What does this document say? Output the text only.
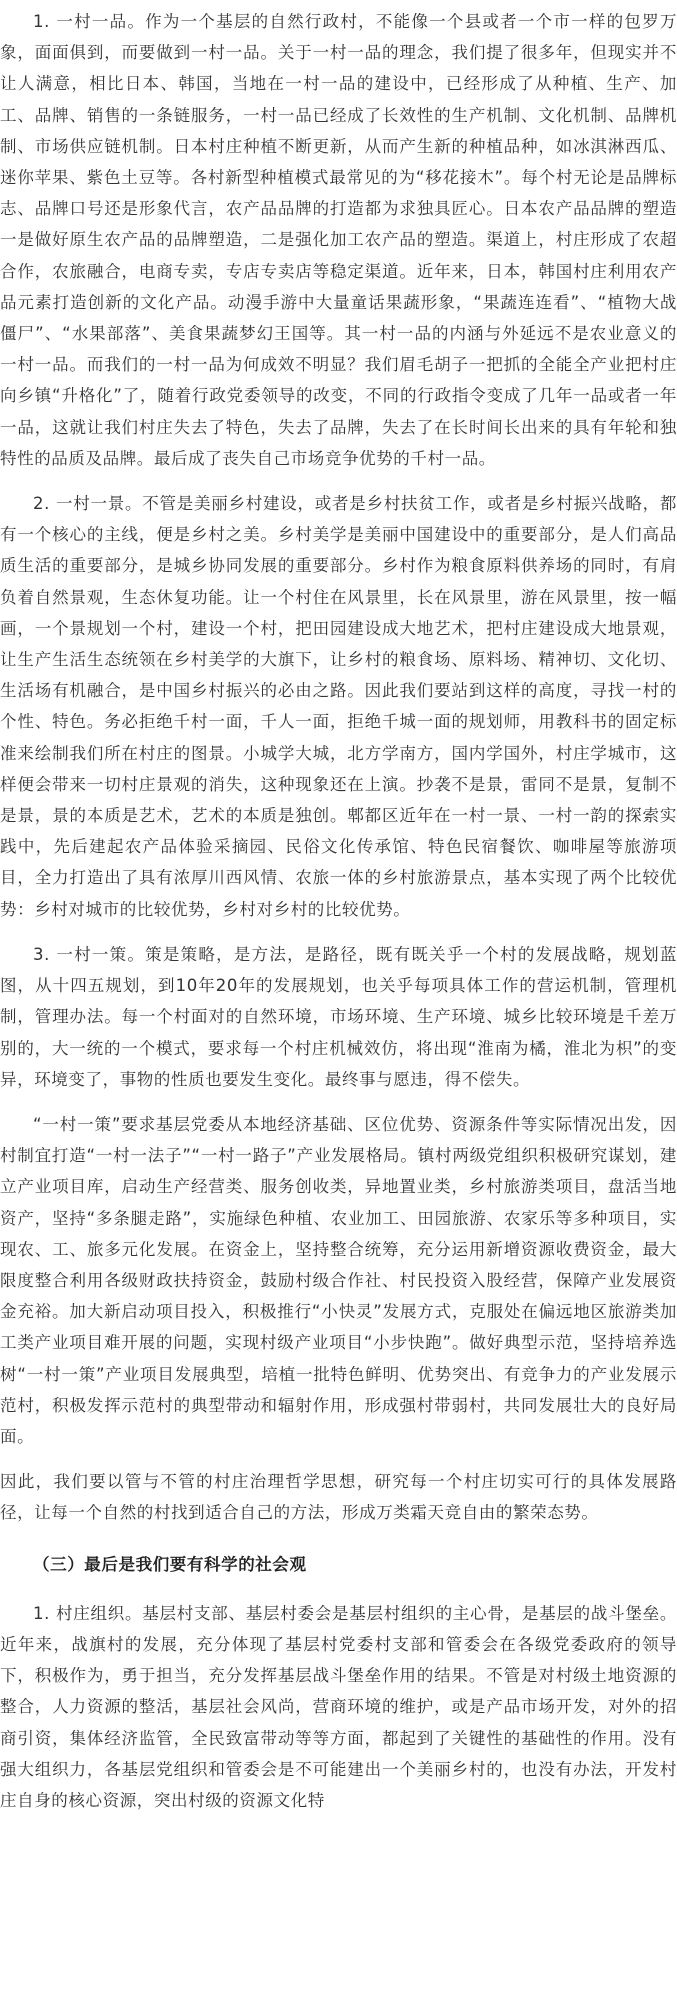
1. 一村一品。作为一个基层的自然行政村，不能像一个县或者一个市一样的包罗万象，面面俱到，而要做到一村一品。关于一村一品的理念，我们提了很多年，但现实并不让人满意，相比日本、韩国，当地在一村一品的建设中，已经形成了从种植、生产、加工、品牌、销售的一条链服务，一村一品已经成了长效性的生产机制、文化机制、品牌机制、市场供应链机制。日本村庄种植不断更新，从而产生新的种植品种，如冰淇淋西瓜、迷你苹果、紫色土豆等。各村新型种植模式最常见的为“移花接木”。每个村无论是品牌标志、品牌口号还是形象代言，农产品品牌的打造都为求独具匠心。日本农产品品牌的塑造一是做好原生农产品的品牌塑造，二是强化加工农产品的塑造。渠道上，村庄形成了农超合作，农旅融合，电商专卖，专店专卖店等稳定渠道。近年来，日本，韩国村庄利用农产品元素打造创新的文化产品。动漫手游中大量童话果蔬形象，“果蔬连连看”、“植物大战僵尸”、“水果部落”、美食果蔬梦幻王国等。其一村一品的内涵与外延远不是农业意义的一村一品。而我们的一村一品为何成效不明显？我们眉毛胡子一把抓的全能全产业把村庄向乡镇“升格化”了，随着行政党委领导的改变，不同的行政指令变成了几年一品或者一年一品，这就让我们村庄失去了特色，失去了品牌，失去了在长时间长出来的具有年轮和独特性的品质及品牌。最后成了丧失自己市场竞争优势的千村一品。

2. 一村一景。不管是美丽乡村建设，或者是乡村扶贫工作，或者是乡村振兴战略，都有一个核心的主线，便是乡村之美。乡村美学是美丽中国建设中的重要部分，是人们高品质生活的重要部分，是城乡协同发展的重要部分。乡村作为粮食原料供养场的同时，有肩负着自然景观，生态休复功能。让一个村住在风景里，长在风景里，游在风景里，按一幅画，一个景规划一个村，建设一个村，把田园建设成大地艺术，把村庄建设成大地景观，让生产生活生态统领在乡村美学的大旗下，让乡村的粮食场、原料场、精神切、文化切、生活场有机融合，是中国乡村振兴的必由之路。因此我们要站到这样的高度，寻找一村的个性、特色。务必拒绝千村一面，千人一面，拒绝千城一面的规划师，用教科书的固定标准来绘制我们所在村庄的图景。小城学大城，北方学南方，国内学国外，村庄学城市，这样便会带来一切村庄景观的消失，这种现象还在上演。抄袭不是景，雷同不是景，复制不是景，景的本质是艺术，艺术的本质是独创。郫都区近年在一村一景、一村一韵的探索实践中，先后建起农产品体验采摘园、民俗文化传承馆、特色民宿餐饮、咖啡屋等旅游项目，全力打造出了具有浓厚川西风情、农旅一体的乡村旅游景点，基本实现了两个比较优势：乡村对城市的比较优势，乡村对乡村的比较优势。

3. 一村一策。策是策略，是方法，是路径，既有既关乎一个村的发展战略，规划蓝图，从十四五规划，到10年20年的发展规划，也关乎每项具体工作的营运机制，管理机制，管理办法。每一个村面对的自然环境，市场环境、生产环境、城乡比较环境是千差万别的，大一统的一个模式，要求每一个村庄机械效仿，将出现“淮南为橘，淮北为枳”的变异，环境变了，事物的性质也要发生变化。最终事与愿违，得不偿失。

“一村一策”要求基层党委从本地经济基础、区位优势、资源条件等实际情况出发，因村制宜打造“一村一法子”“一村一路子”产业发展格局。镇村两级党组织积极研究谋划，建立产业项目库，启动生产经营类、服务创收类，异地置业类，乡村旅游类项目，盘活当地资产，坚持“多条腿走路”，实施绿色种植、农业加工、田园旅游、农家乐等多种项目，实现农、工、旅多元化发展。在资金上，坚持整合统筹，充分运用新增资源收费资金，最大限度整合利用各级财政扶持资金，鼓励村级合作社、村民投资入股经营，保障产业发展资金充裕。加大新启动项目投入，积极推行“小快灵”发展方式，克服处在偏远地区旅游类加工类产业项目难开展的问题，实现村级产业项目“小步快跑”。做好典型示范，坚持培养选树“一村一策”产业项目发展典型，培植一批特色鲜明、优势突出、有竞争力的产业发展示范村，积极发挥示范村的典型带动和辐射作用，形成强村带弱村，共同发展壮大的良好局面。

因此，我们要以管与不管的村庄治理哲学思想，研究每一个村庄切实可行的具体发展路径，让每一个自然的村找到适合自己的方法，形成万类霜天竞自由的繁荣态势。

（三）最后是我们要有科学的社会观

1. 村庄组织。基层村支部、基层村委会是基层村组织的主心骨，是基层的战斗堡垒。近年来，战旗村的发展，充分体现了基层村党委村支部和管委会在各级党委政府的领导下，积极作为，勇于担当，充分发挥基层战斗堡垒作用的结果。不管是对村级土地资源的整合，人力资源的整活，基层社会风尚，营商环境的维护，或是产品市场开发，对外的招商引资，集体经济监管，全民致富带动等等方面，都起到了关键性的基础性的作用。没有强大组织力，各基层党组织和管委会是不可能建出一个美丽乡村的，也没有办法，开发村庄自身的核心资源，突出村级的资源文化特
